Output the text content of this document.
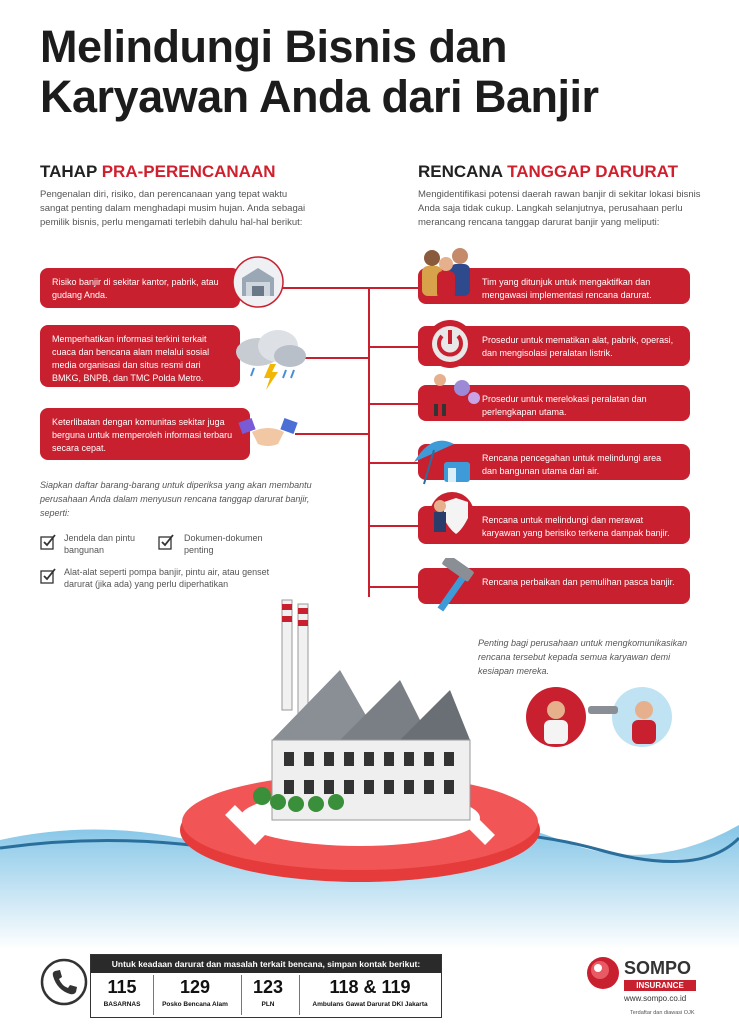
Melindungi Bisnis dan
Karyawan Anda dari Banjir
TAHAP PRA-PERENCANAAN
Pengenalan diri, risiko, dan perencanaan yang tepat waktu sangat penting dalam menghadapi musim hujan. Anda sebagai pemilik bisnis, perlu mengamati terlebih dahulu hal-hal berikut:
RENCANA TANGGAP DARURAT
Mengidentifikasi potensi daerah rawan banjir di sekitar lokasi bisnis Anda saja tidak cukup. Langkah selanjutnya, perusahaan perlu merancang rencana tanggap darurat banjir yang meliputi:
Risiko banjir di sekitar kantor, pabrik, atau gudang Anda.
Memperhatikan informasi terkini terkait cuaca dan bencana alam melalui sosial media organisasi dan situs resmi dari BMKG, BNPB, dan TMC Polda Metro.
Keterlibatan dengan komunitas sekitar juga berguna untuk memperoleh informasi terbaru secara cepat.
Tim yang ditunjuk untuk mengaktifkan dan mengawasi implementasi rencana darurat.
Prosedur untuk mematikan alat, pabrik, operasi, dan mengisolasi peralatan listrik.
Prosedur untuk merelokasi peralatan dan perlengkapan utama.
Rencana pencegahan untuk melindungi area dan bangunan utama dari air.
Rencana untuk melindungi dan merawat karyawan yang berisiko terkena dampak banjir.
Rencana perbaikan dan pemulihan pasca banjir.
Siapkan daftar barang-barang untuk diperiksa yang akan membantu perusahaan Anda dalam menyusun rencana tanggap darurat banjir, seperti:
Jendela dan pintu bangunan
Dokumen-dokumen penting
Alat-alat seperti pompa banjir, pintu air, atau genset darurat (jika ada) yang perlu diperhatikan
Penting bagi perusahaan untuk mengkomunikasikan rencana tersebut kepada semua karyawan demi kesiapan mereka.
Untuk keadaan darurat dan masalah terkait bencana, simpan kontak berikut:
115
BASARNAS
129
Posko Bencana Alam
123
PLN
118 & 119
Ambulans Gawat Darurat DKI Jakarta
SOMPO
INSURANCE
www.sompo.co.id
Terdaftar dan diawasi OJK
